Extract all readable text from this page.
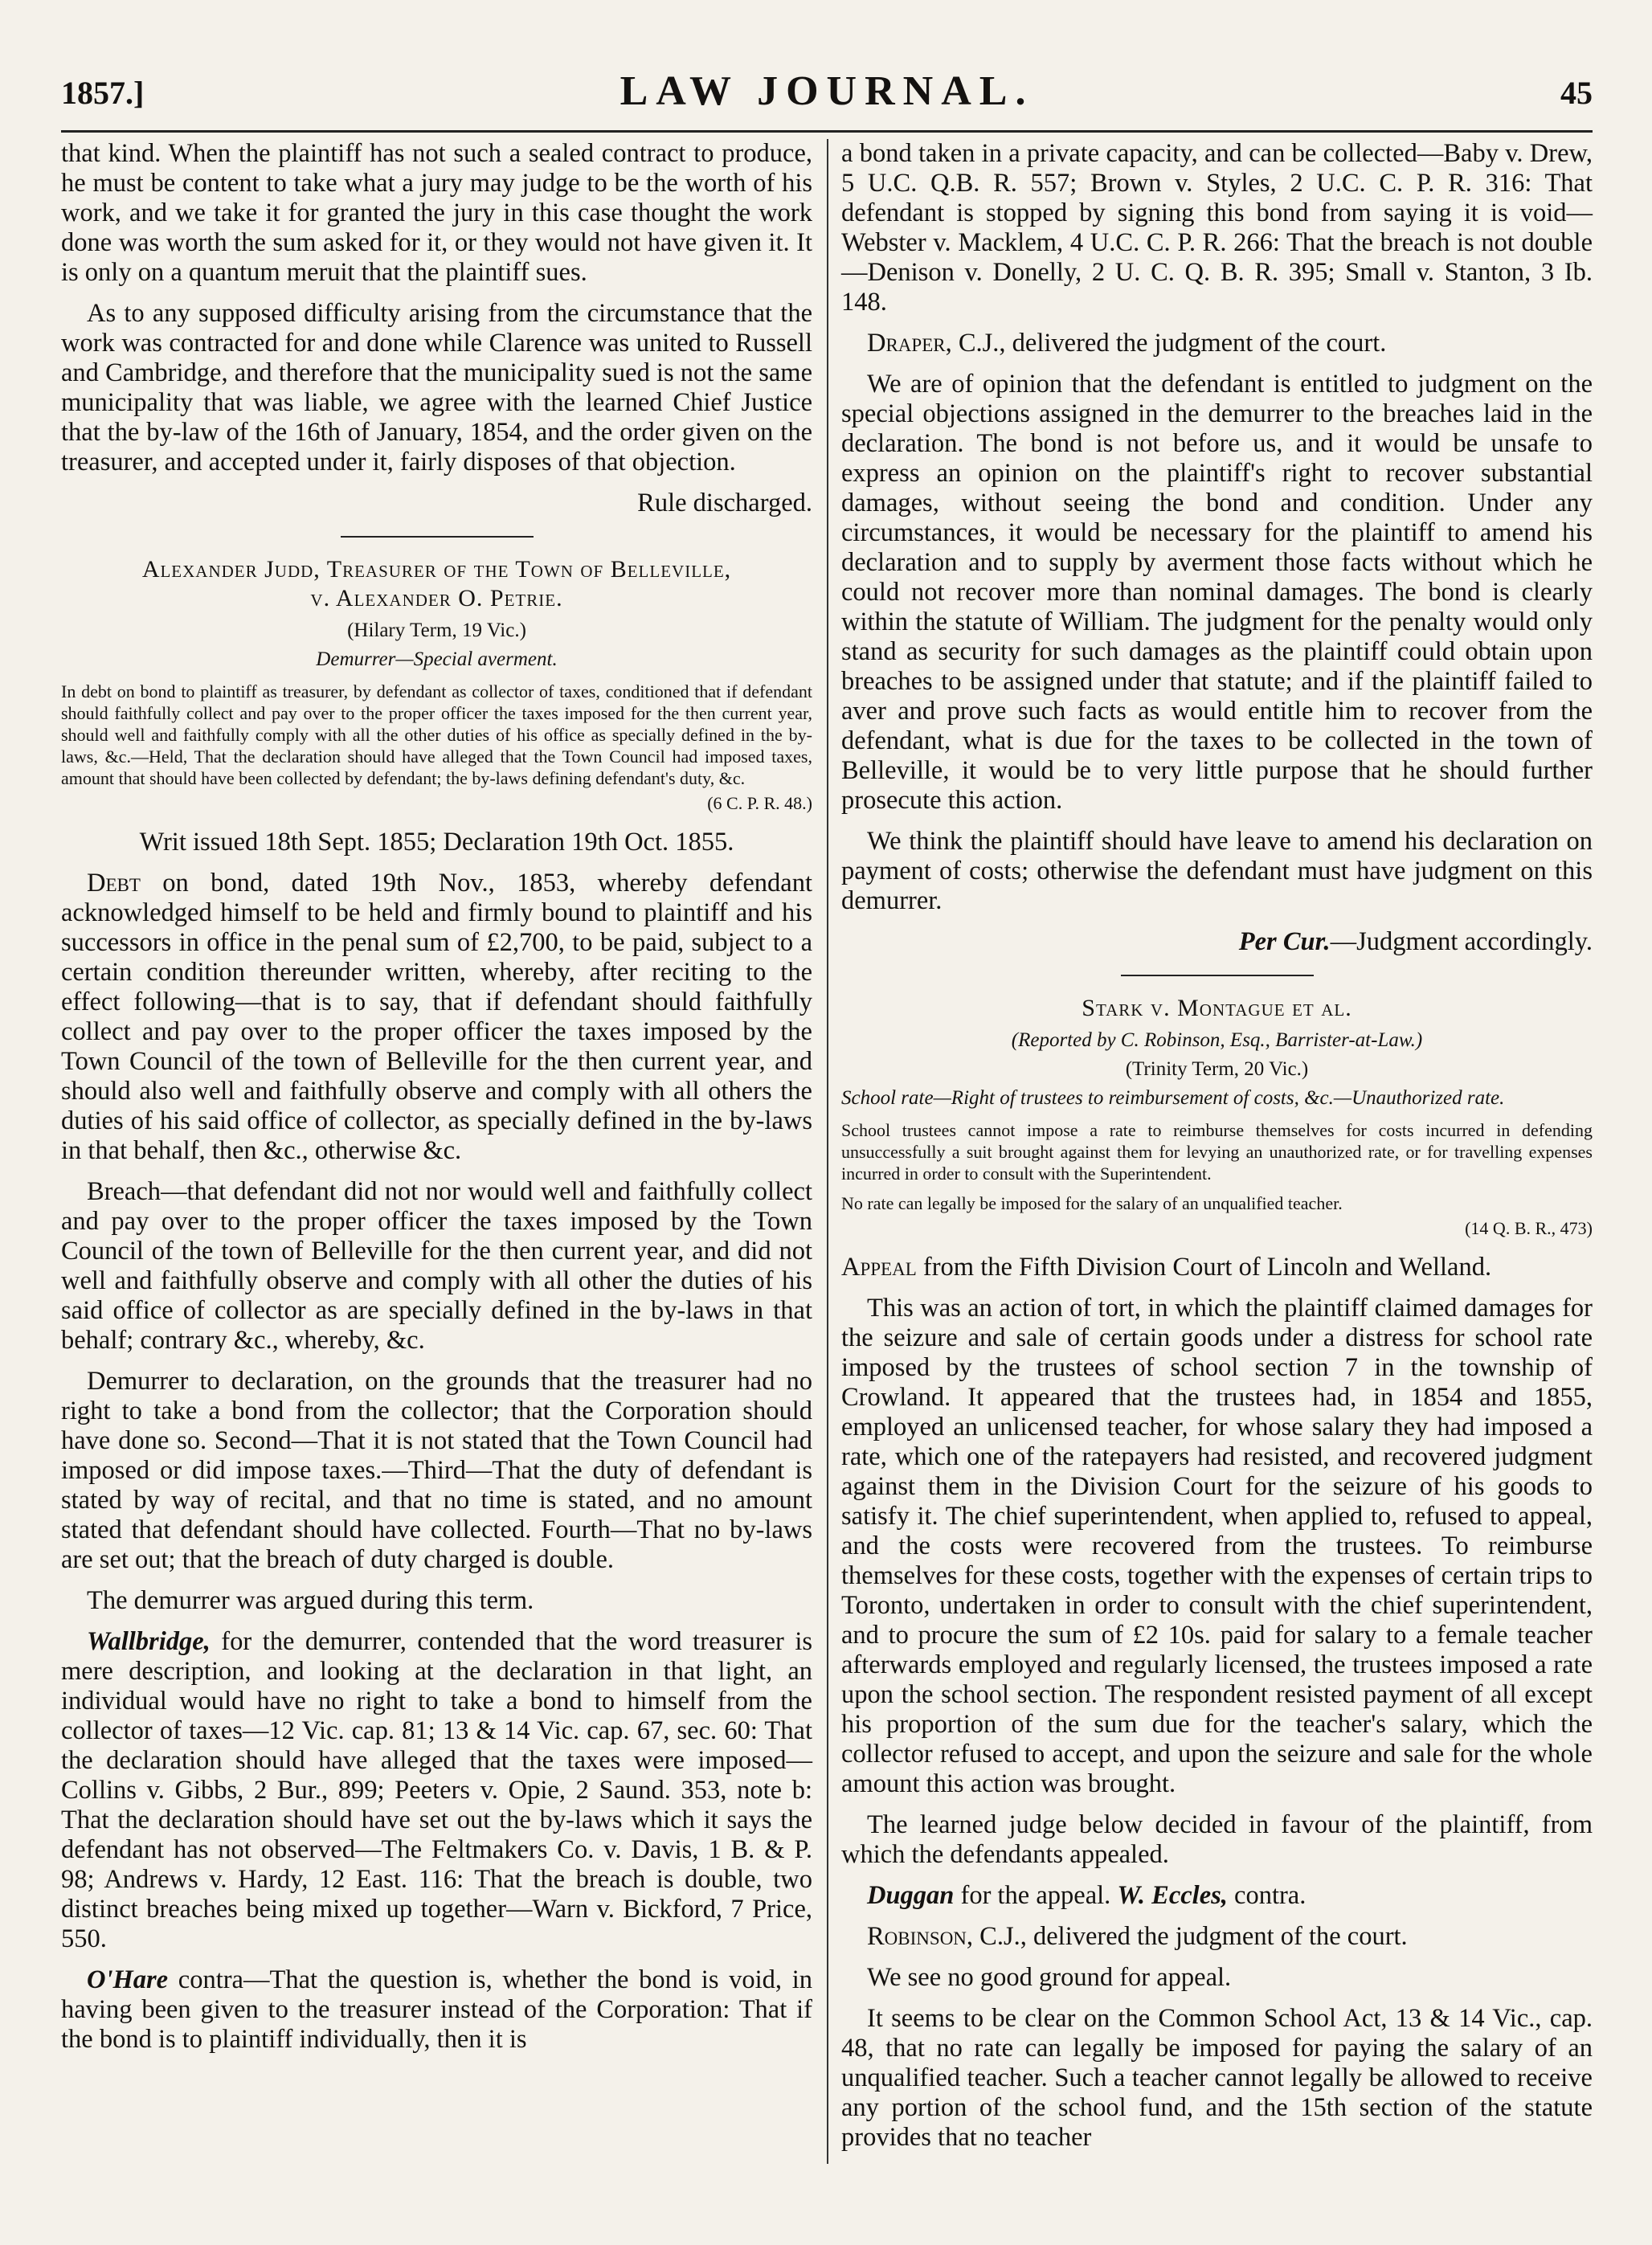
1857.]	LAW JOURNAL.	45

that kind. When the plaintiff has not such a sealed contract to produce, he must be content to take what a jury may judge to be the worth of his work, and we take it for granted the jury in this case thought the work done was worth the sum asked for it, or they would not have given it. It is only on a quantum meruit that the plaintiff sues.

As to any supposed difficulty arising from the circumstance that the work was contracted for and done while Clarence was united to Russell and Cambridge, and therefore that the municipality sued is not the same municipality that was liable, we agree with the learned Chief Justice that the by-law of the 16th of January, 1854, and the order given on the treasurer, and accepted under it, fairly disposes of that objection.

Rule discharged.

Alexander Judd, Treasurer of the Town of Belleville,
v. Alexander O. Petrie.
(Hilary Term, 19 Vic.)
Demurrer—Special averment.

In debt on bond to plaintiff as treasurer, by defendant as collector of taxes, conditioned that if defendant should faithfully collect and pay over to the proper officer the taxes imposed for the then current year, should well and faithfully comply with all the other duties of his office as specially defined in the by-laws, &c.—Held, That the declaration should have alleged that the Town Council had imposed taxes, amount that should have been collected by defendant; the by-laws defining defendant's duty, &c.

(6 C. P. R. 48.)

Writ issued 18th Sept. 1855; Declaration 19th Oct. 1855.

Debt on bond, dated 19th Nov., 1853, whereby defendant acknowledged himself to be held and firmly bound to plaintiff and his successors in office in the penal sum of £2,700, to be paid, subject to a certain condition thereunder written, whereby, after reciting to the effect following—that is to say, that if defendant should faithfully collect and pay over to the proper officer the taxes imposed by the Town Council of the town of Belleville for the then current year, and should also well and faithfully observe and comply with all others the duties of his said office of collector, as specially defined in the by-laws in that behalf, then &c., otherwise &c.

Breach—that defendant did not nor would well and faithfully collect and pay over to the proper officer the taxes imposed by the Town Council of the town of Belleville for the then current year, and did not well and faithfully observe and comply with all other the duties of his said office of collector as are specially defined in the by-laws in that behalf; contrary &c., whereby, &c.

Demurrer to declaration, on the grounds that the treasurer had no right to take a bond from the collector; that the Corporation should have done so. Second—That it is not stated that the Town Council had imposed or did impose taxes.—Third—That the duty of defendant is stated by way of recital, and that no time is stated, and no amount stated that defendant should have collected. Fourth—That no by-laws are set out; that the breach of duty charged is double.

The demurrer was argued during this term.

Wallbridge, for the demurrer, contended that the word treasurer is mere description, and looking at the declaration in that light, an individual would have no right to take a bond to himself from the collector of taxes—12 Vic. cap. 81; 13 & 14 Vic. cap. 67, sec. 60: That the declaration should have alleged that the taxes were imposed—Collins v. Gibbs, 2 Bur., 899; Peeters v. Opie, 2 Saund. 353, note b: That the declaration should have set out the by-laws which it says the defendant has not observed—The Feltmakers Co. v. Davis, 1 B. & P. 98; Andrews v. Hardy, 12 East. 116: That the breach is double, two distinct breaches being mixed up together—Warn v. Bickford, 7 Price, 550.

O'Hare contra—That the question is, whether the bond is void, in having been given to the treasurer instead of the Corporation: That if the bond is to plaintiff individually, then it is

a bond taken in a private capacity, and can be collected—Baby v. Drew, 5 U.C. Q.B. R. 557; Brown v. Styles, 2 U.C. C. P. R. 316: That defendant is stopped by signing this bond from saying it is void—Webster v. Macklem, 4 U.C. C. P. R. 266: That the breach is not double—Denison v. Donelly, 2 U. C. Q. B. R. 395; Small v. Stanton, 3 Ib. 148.

Draper, C.J., delivered the judgment of the court.

We are of opinion that the defendant is entitled to judgment on the special objections assigned in the demurrer to the breaches laid in the declaration. The bond is not before us, and it would be unsafe to express an opinion on the plaintiff's right to recover substantial damages, without seeing the bond and condition. Under any circumstances, it would be necessary for the plaintiff to amend his declaration and to supply by averment those facts without which he could not recover more than nominal damages. The bond is clearly within the statute of William. The judgment for the penalty would only stand as security for such damages as the plaintiff could obtain upon breaches to be assigned under that statute; and if the plaintiff failed to aver and prove such facts as would entitle him to recover from the defendant, what is due for the taxes to be collected in the town of Belleville, it would be to very little purpose that he should further prosecute this action.

We think the plaintiff should have leave to amend his declaration on payment of costs; otherwise the defendant must have judgment on this demurrer.

Per Cur.—Judgment accordingly.

Stark v. Montague et al.
(Reported by C. Robinson, Esq., Barrister-at-Law.)
(Trinity Term, 20 Vic.)
School rate—Right of trustees to reimbursement of costs, &c.—Unauthorized rate.

School trustees cannot impose a rate to reimburse themselves for costs incurred in defending unsuccessfully a suit brought against them for levying an unauthorized rate, or for travelling expenses incurred in order to consult with the Superintendent.

No rate can legally be imposed for the salary of an unqualified teacher.

(14 Q. B. R., 473)

Appeal from the Fifth Division Court of Lincoln and Welland.

This was an action of tort, in which the plaintiff claimed damages for the seizure and sale of certain goods under a distress for school rate imposed by the trustees of school section 7 in the township of Crowland. It appeared that the trustees had, in 1854 and 1855, employed an unlicensed teacher, for whose salary they had imposed a rate, which one of the ratepayers had resisted, and recovered judgment against them in the Division Court for the seizure of his goods to satisfy it. The chief superintendent, when applied to, refused to appeal, and the costs were recovered from the trustees. To reimburse themselves for these costs, together with the expenses of certain trips to Toronto, undertaken in order to consult with the chief superintendent, and to procure the sum of £2 10s. paid for salary to a female teacher afterwards employed and regularly licensed, the trustees imposed a rate upon the school section. The respondent resisted payment of all except his proportion of the sum due for the teacher's salary, which the collector refused to accept, and upon the seizure and sale for the whole amount this action was brought.

The learned judge below decided in favour of the plaintiff, from which the defendants appealed.

Duggan for the appeal. W. Eccles, contra.

Robinson, C.J., delivered the judgment of the court.

We see no good ground for appeal.

It seems to be clear on the Common School Act, 13 & 14 Vic., cap. 48, that no rate can legally be imposed for paying the salary of an unqualified teacher. Such a teacher cannot legally be allowed to receive any portion of the school fund, and the 15th section of the statute provides that no teacher
